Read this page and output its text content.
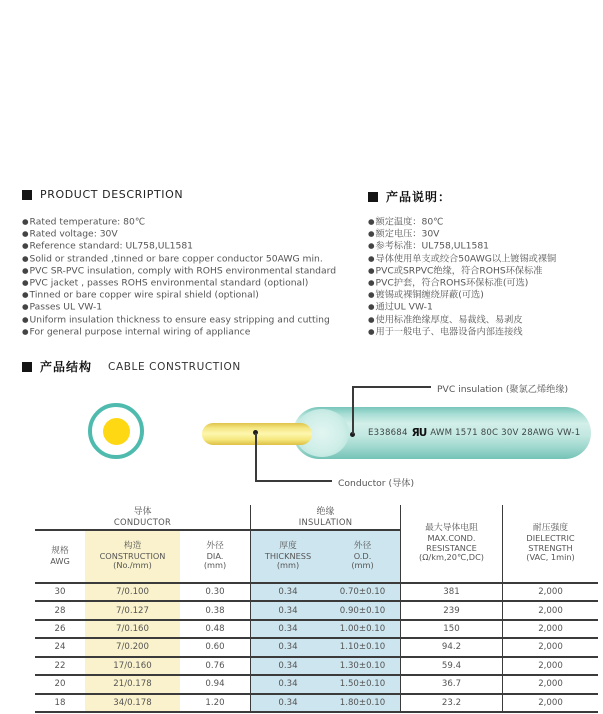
PRODUCT DESCRIPTION
● Rated temperature: 80℃
● Rated voltage: 30V
● Reference standard: UL758,UL1581
● Solid or stranded ,tinned or bare copper conductor 50AWG min.
● PVC SR-PVC insulation, comply with ROHS environmental standard
● PVC jacket , passes ROHS environmental standard (optional)
● Tinned or bare copper wire spiral shield (optional)
● Passes UL VW-1
● Uniform insulation thickness to ensure easy stripping and cutting
● For general purpose internal wiring of appliance
产品说明：
● 额定温度：80℃
● 额定电压：30V
● 参考标准：UL758,UL1581
● 导体使用单支或绞合50AWG以上镀锡或裸铜
● PVC或SRPVC绝缘，符合ROHS环保标准
● PVC护套，符合ROHS环保标准(可选)
● 镀锡或裸铜缠绕屏蔽(可选)
● 通过UL VW-1
● 使用标准绝缘厚度、易裁线、易剥皮
● 用于一般电子、电器设备内部连接线
产品结构 CABLE CONSTRUCTION
E338684 ЯU AWM 1571 80C 30V 28AWG VW-1
PVC insulation (聚氯乙烯绝缘)
Conductor (导体)
导体
CONDUCTOR
绝缘
INSULATION
最大导体电阻
MAX.COND.
RESISTANCE
(Ω/km,20℃,DC)
耐压强度
DIELECTRIC
STRENGTH
(VAC, 1min)
规格
AWG
构造
CONSTRUCTION
(No./mm)
外径
DIA.
(mm)
厚度
THICKNESS
(mm)
外径
O.D.
(mm)
30	7/0.100	0.30	0.34	0.70±0.10	381	2,000
28	7/0.127	0.38	0.34	0.90±0.10	239	2,000
26	7/0.160	0.48	0.34	1.00±0.10	150	2,000
24	7/0.200	0.60	0.34	1.10±0.10	94.2	2,000
22	17/0.160	0.76	0.34	1.30±0.10	59.4	2,000
20	21/0.178	0.94	0.34	1.50±0.10	36.7	2,000
18	34/0.178	1.20	0.34	1.80±0.10	23.2	2,000
